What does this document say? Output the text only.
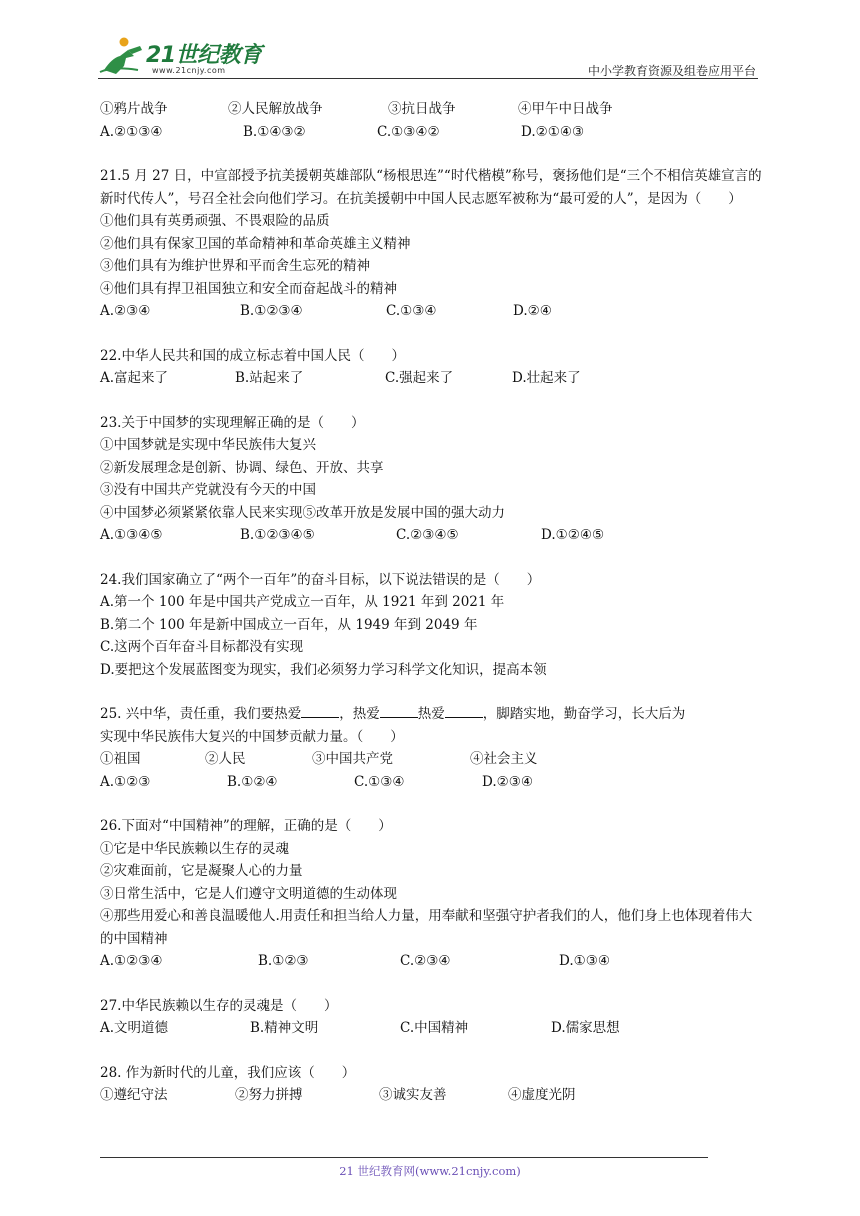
21世纪教育
www.21cnjy.com	中小学教育资源及组卷应用平台
①鸦片战争	②人民解放战争	③抗日战争	④甲午中日战争
A.②①③④	B.①④③②	C.①③④②	D.②①④③
21.5 月 27 日，中宣部授予抗美援朝英雄部队“杨根思连”“时代楷模”称号，褒扬他们是“三个不相信英雄宣言的新时代传人”，号召全社会向他们学习。在抗美援朝中中国人民志愿军被称为“最可爱的人”，是因为（　　）
①他们具有英勇顽强、不畏艰险的品质
②他们具有保家卫国的革命精神和革命英雄主义精神
③他们具有为维护世界和平而舍生忘死的精神
④他们具有捍卫祖国独立和安全而奋起战斗的精神
A.②③④	B.①②③④	C.①③④	D.②④
22.中华人民共和国的成立标志着中国人民（　　）
A.富起来了	B.站起来了	C.强起来了	D.壮起来了
23.关于中国梦的实现理解正确的是（　　）
①中国梦就是实现中华民族伟大复兴
②新发展理念是创新、协调、绿色、开放、共享
③没有中国共产党就没有今天的中国
④中国梦必须紧紧依靠人民来实现⑤改革开放是发展中国的强大动力
A.①③④⑤	B.①②③④⑤	C.②③④⑤	D.①②④⑤
24.我们国家确立了“两个一百年”的奋斗目标，以下说法错误的是（　　）
A.第一个 100 年是中国共产党成立一百年，从 1921 年到 2021 年
B.第二个 100 年是新中国成立一百年，从 1949 年到 2049 年
C.这两个百年奋斗目标都没有实现
D.要把这个发展蓝图变为现实，我们必须努力学习科学文化知识，提高本领
25. 兴中华，责任重，我们要热爱	，热爱	热爱	，脚踏实地，勤奋学习，长大后为
实现中华民族伟大复兴的中国梦贡献力量。（　　）
①祖国	②人民	③中国共产党	④社会主义
A.①②③	B.①②④	C.①③④	D.②③④
26.下面对“中国精神”的理解，正确的是（　　）
①它是中华民族赖以生存的灵魂
②灾难面前，它是凝聚人心的力量
③日常生活中，它是人们遵守文明道德的生动体现
④那些用爱心和善良温暖他人.用责任和担当给人力量，用奉献和坚强守护者我们的人，他们身上也体现着伟大的中国精神
A.①②③④	B.①②③	C.②③④	D.①③④
27.中华民族赖以生存的灵魂是（　　）
A.文明道德	B.精神文明	C.中国精神	D.儒家思想
28. 作为新时代的儿童，我们应该（　　）
①遵纪守法	②努力拼搏	③诚实友善	④虚度光阴
21 世纪教育网(www.21cnjy.com)
